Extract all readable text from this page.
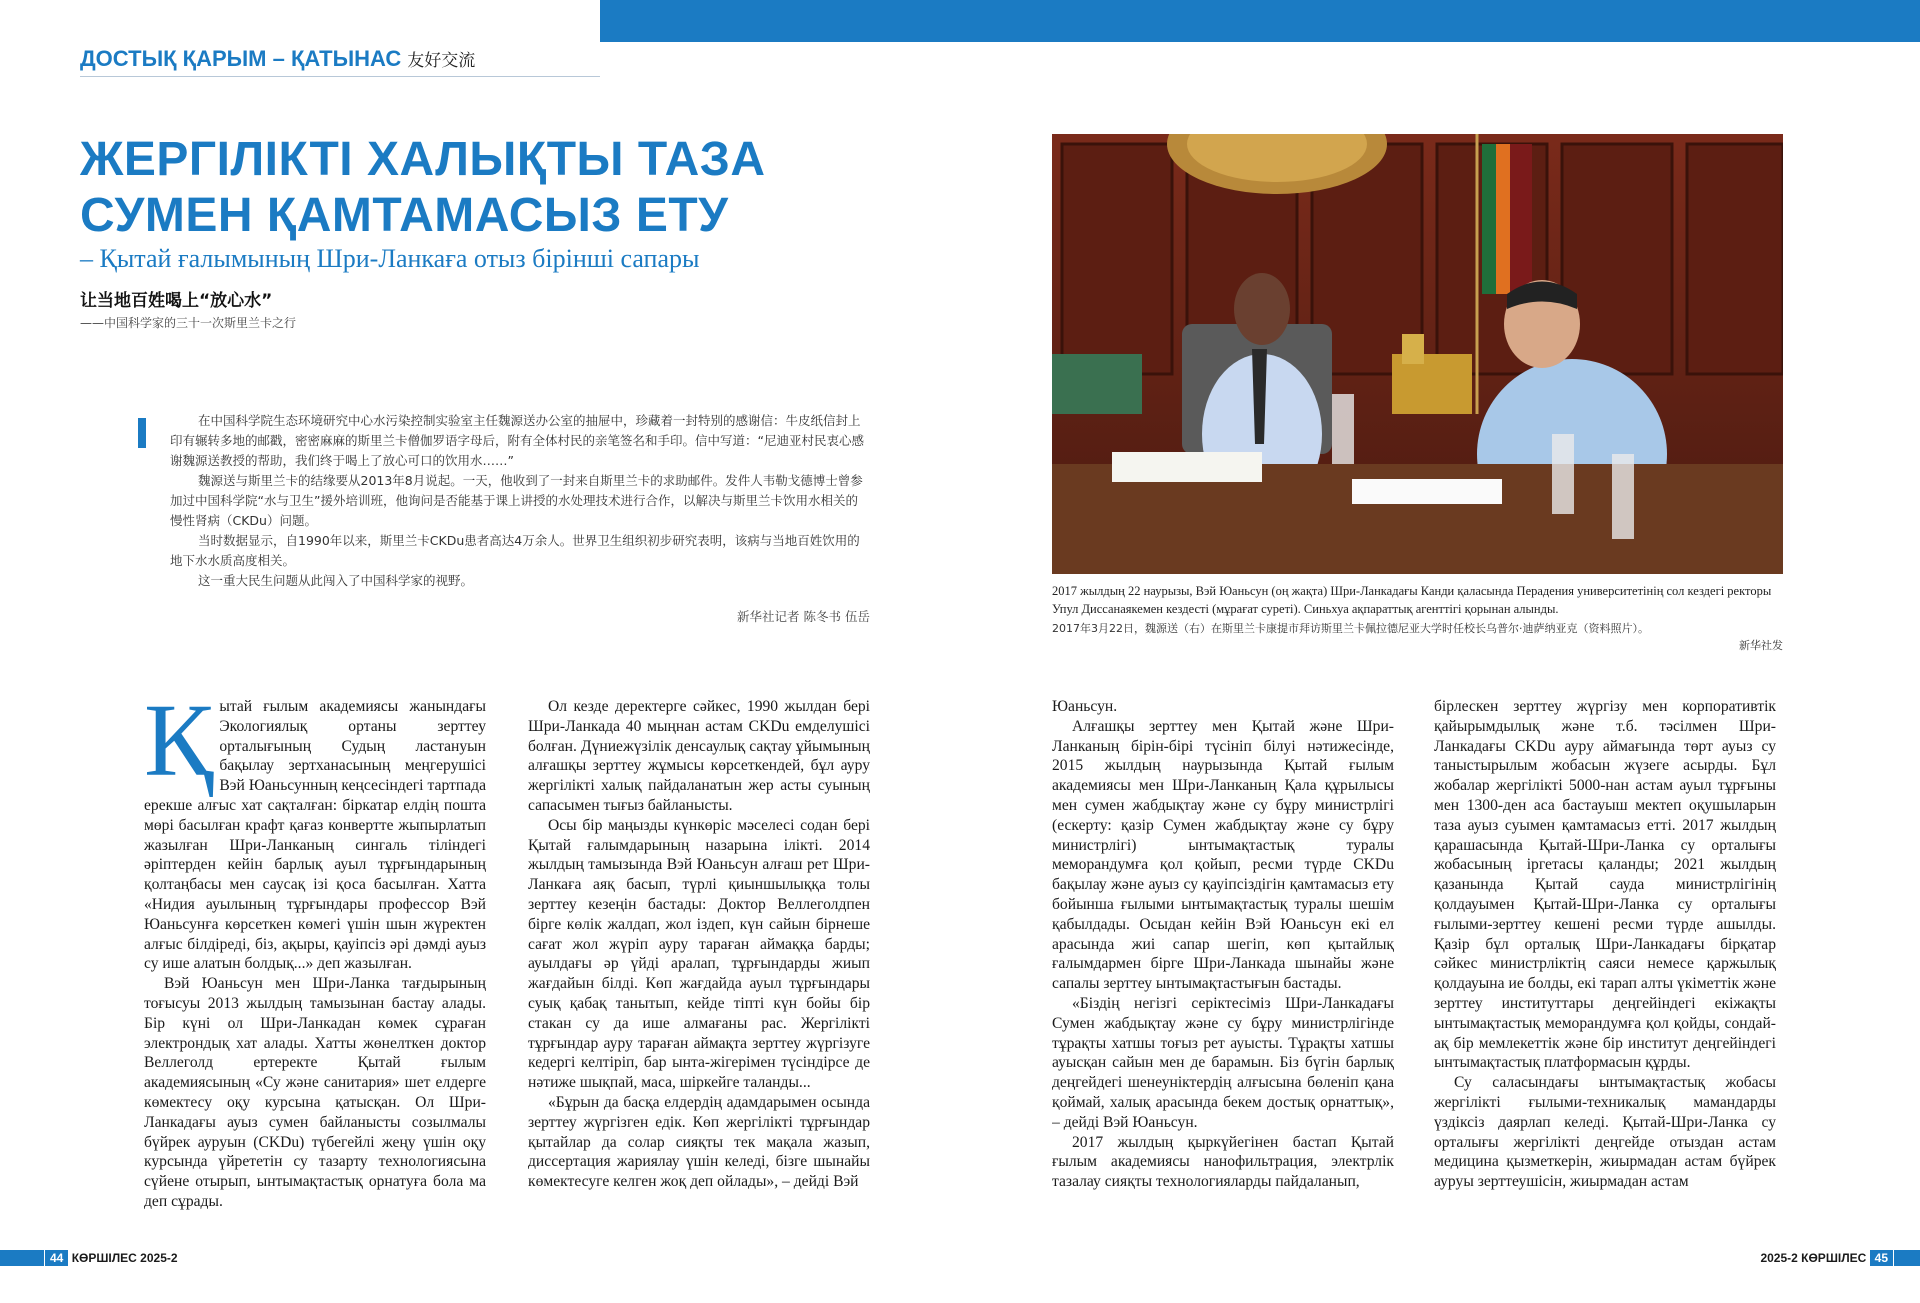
ДОСТЫҚ ҚАРЫМ – ҚАТЫНАС 友好交流
ЖЕРГІЛІКТІ ХАЛЫҚТЫ ТАЗА СУМЕН ҚАМТАМАСЫЗ ЕТУ
– Қытай ғалымының Шри-Ланкаға отыз бірінші сапары
让当地百姓喝上“放心水”
——中国科学家的三十一次斯里兰卡之行

在中国科学院生态环境研究中心水污染控制实验室主任魏源送办公室的抽屉中，珍藏着一封特别的感谢信：牛皮纸信封上印有辗转多地的邮戳，密密麻麻的斯里兰卡僧伽罗语字母后，附有全体村民的亲笔签名和手印。信中写道：“尼迪亚村民衷心感谢魏源送教授的帮助，我们终于喝上了放心可口的饮用水……”

魏源送与斯里兰卡的结缘要从2013年8月说起。一天，他收到了一封来自斯里兰卡的求助邮件。发件人韦勒戈德博士曾参加过中国科学院“水与卫生”援外培训班，他询问是否能基于课上讲授的水处理技术进行合作，以解决与斯里兰卡饮用水相关的慢性肾病（CKDu）问题。

当时数据显示，自1990年以来，斯里兰卡CKDu患者高达4万余人。世界卫生组织初步研究表明，该病与当地百姓饮用的地下水水质高度相关。

这一重大民生问题从此闯入了中国科学家的视野。

新华社记者 陈冬书 伍岳

2017 жылдың 22 наурызы, Вэй Юаньсун (оң жақта) Шри-Ланкадағы Канди қаласында Перадения университетінің сол кездегі ректоры Упул Диссанаякемен кездесті (мұрағат суреті). Синьхуа ақпараттық агенттігі қорынан алынды.
2017年3月22日，魏源送（右）在斯里兰卡康提市拜访斯里兰卡佩拉德尼亚大学时任校长乌普尔·迪萨纳亚克（资料照片）。
新华社发

Қытай ғылым академиясы жанындағы Экологиялық ортаны зерттеу орталығының Судың ластануын бақылау зертханасының меңгерушісі Вэй Юаньсунның кеңсесіндегі тартпада ерекше алғыс хат сақталған: біркатар елдің пошта мөрі басылған крафт қағаз конвертте жыпырлатып жазылған Шри-Ланканың сингаль тіліндегі әріптерден кейін барлық ауыл тұрғындарының қолтаңбасы мен саусақ ізі қоса басылған. Хатта «Нидия ауылының тұрғындары профессор Вэй Юаньсунға көрсеткен көмегі үшін шын жүректен алғыс білдіреді, біз, ақыры, қауіпсіз әрі дәмді ауыз су ише алатын болдық...» деп жазылған.

Вэй Юаньсун мен Шри-Ланка тағдырының тоғысуы 2013 жылдың тамызынан бастау алады. Бір күні ол Шри-Ланкадан көмек сұраған электрондық хат алады. Хатты жөнелткен доктор Веллеголд ертеректе Қытай ғылым академиясының «Су және санитария» шет елдерге көмектесу оқу курсына қатысқан. Ол Шри-Ланкадағы ауыз сумен байланысты созылмалы бүйрек ауруын (CKDu) түбегейлі жеңу үшін оқу курсында үйрететін су тазарту технологиясына сүйене отырып, ынтымақтастық орнатуға бола ма деп сұрады.

Ол кезде деректерге сәйкес, 1990 жылдан бері Шри-Ланкада 40 мыңнан астам CKDu емделушісі болған. Дүниежүзілік денсаулық сақтау ұйымының алғашқы зерттеу жұмысы көрсеткендей, бұл ауру жергілікті халық пайдаланатын жер асты суының сапасымен тығыз байланысты.

Осы бір маңызды күнкөріс мәселесі содан бері Қытай ғалымдарының назарына ілікті. 2014 жылдың тамызында Вэй Юаньсун алғаш рет Шри-Ланкаға аяқ басып, түрлі қиыншылыққа толы зерттеу кезеңін бастады: Доктор Веллеголдпен бірге көлік жалдап, жол іздеп, күн сайын бірнеше сағат жол жүріп ауру тараған аймаққа барды; ауылдағы әр үйді аралап, тұрғындарды жиып жағдайын білді. Көп жағдайда ауыл тұрғындары суық қабақ танытып, кейде тіпті күн бойы бір стакан су да ише алмағаны рас. Жергілікті тұрғындар ауру тараған аймақта зерттеу жүргізуге кедергі келтіріп, бар ынта-жігерімен түсіндірсе де нәтиже шықпай, маса, шіркейге таланды...

«Бұрын да басқа елдердің адамдарымен осында зерттеу жүргізген едік. Көп жергілікті тұрғындар қытайлар да солар сияқты тек мақала жазып, диссертация жариялау үшін келеді, бізге шынайы көмектесуге келген жоқ деп ойлады», – дейді Вэй

Юаньсун.

Алғашқы зерттеу мен Қытай және Шри-Ланканың бірін-бірі түсініп білуі нәтижесінде, 2015 жылдың наурызында Қытай ғылым академиясы мен Шри-Ланканың Қала құрылысы мен сумен жабдықтау және су бұру министрлігі (ескерту: қазір Сумен жабдықтау және су бұру министрлігі) ынтымақтастық туралы меморандумға қол қойып, ресми түрде CKDu бақылау және ауыз су қауіпсіздігін қамтамасыз ету бойынша ғылыми ынтымақтастық туралы шешім қабылдады. Осыдан кейін Вэй Юаньсун екі ел арасында жиі сапар шегіп, көп қытайлық ғалымдармен бірге Шри-Ланкада шынайы және сапалы зерттеу ынтымақтастығын бастады.

«Біздің негізгі серіктесіміз Шри-Ланкадағы Сумен жабдықтау және су бұру министрлігінде тұрақты хатшы тоғыз рет ауысты. Тұрақты хатшы ауысқан сайын мен де барамын. Біз бүгін барлық деңгейдегі шенеуніктердің алғысына бөленіп қана қоймай, халық арасында бекем достық орнаттық», – дейді Вэй Юаньсун.

2017 жылдың қыркүйегінен бастап Қытай ғылым академиясы нанофильтрация, электрлік тазалау сияқты технологияларды пайдаланып,

бірлескен зерттеу жүргізу мен корпоративтік қайырымдылық және т.б. тәсілмен Шри-Ланкадағы CKDu ауру аймағында төрт ауыз су таныстырылым жобасын жүзеге асырды. Бұл жобалар жергілікті 5000-нан астам ауыл тұрғыны мен 1300-ден аса бастауыш мектеп оқушыларын таза ауыз суымен қамтамасыз етті. 2017 жылдың қарашасында Қытай-Шри-Ланка су орталығы жобасының іргетасы қаланды; 2021 жылдың қазанында Қытай сауда министрлігінің қолдауымен Қытай-Шри-Ланка су орталығы ғылыми-зерттеу кешені ресми түрде ашылды. Қазір бұл орталық Шри-Ланкадағы бірқатар сәйкес министрліктің саяси немесе қаржылық қолдауына ие болды, екі тарап алты үкіметтік және зерттеу институттары деңгейіндегі екіжақты ынтымақтастық меморандумға қол қойды, сондай-ақ бір мемлекеттік және бір институт деңгейіндегі ынтымақтастық платформасын құрды.

Су саласындағы ынтымақтастық жобасы жергілікті ғылыми-техникалық мамандарды үздіксіз даярлап келеді. Қытай-Шри-Ланка су орталығы жергілікті деңгейде отыздан астам медицина қызметкерін, жиырмадан астам бүйрек ауруы зерттеушісін, жиырмадан астам

44 КӨРШІЛЕС 2025-2	2025-2 КӨРШІЛЕС 45
